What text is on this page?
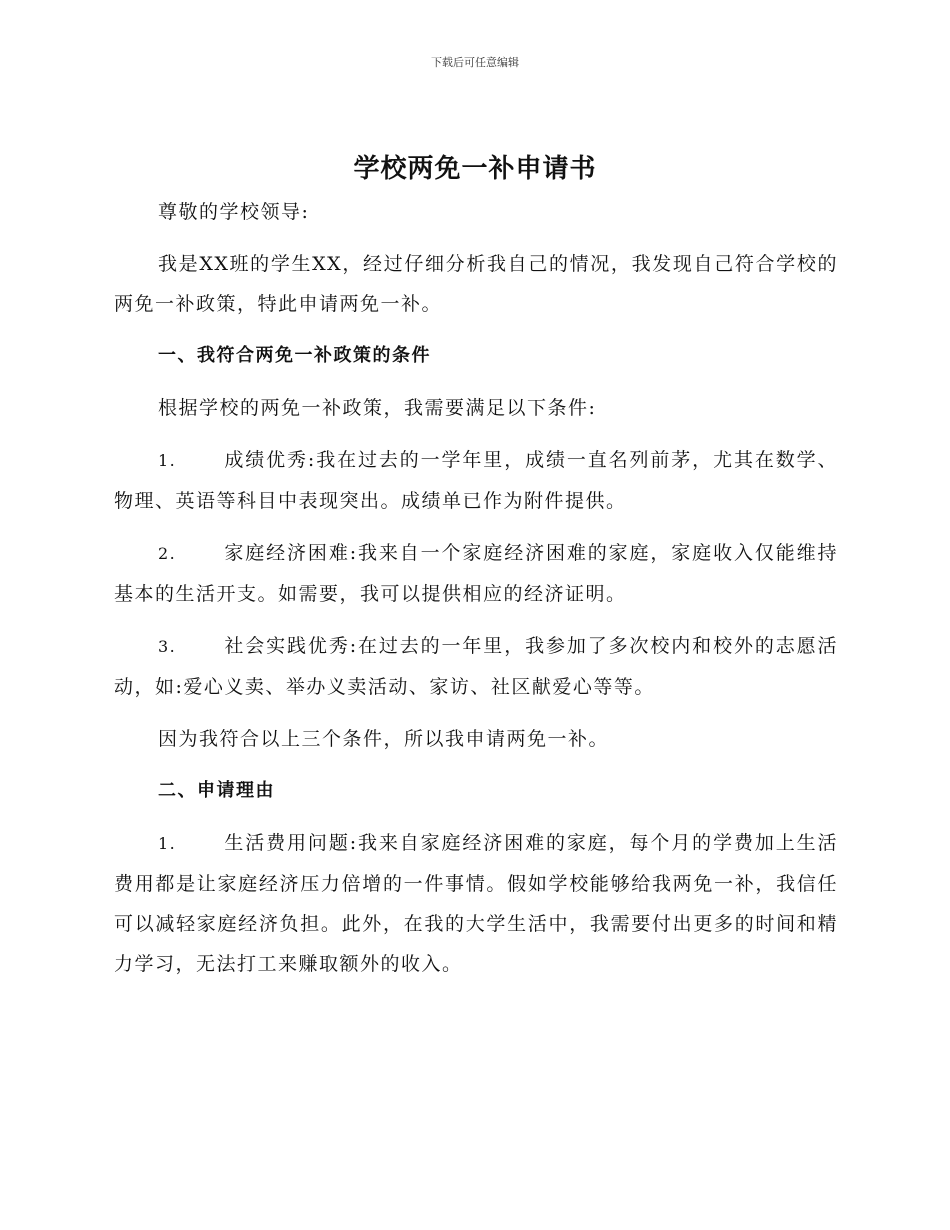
下载后可任意编辑
学校两免一补申请书

尊敬的学校领导:

我是XX班的学生XX，经过仔细分析我自己的情况，我发现自己符合学校的两免一补政策，特此申请两免一补。

一、我符合两免一补政策的条件

根据学校的两免一补政策，我需要满足以下条件:

1.	成绩优秀:我在过去的一学年里，成绩一直名列前茅，尤其在数学、物理、英语等科目中表现突出。成绩单已作为附件提供。

2.	家庭经济困难:我来自一个家庭经济困难的家庭，家庭收入仅能维持基本的生活开支。如需要，我可以提供相应的经济证明。

3.	社会实践优秀:在过去的一年里，我参加了多次校内和校外的志愿活动，如:爱心义卖、举办义卖活动、家访、社区献爱心等等。

因为我符合以上三个条件，所以我申请两免一补。

二、申请理由

1.	生活费用问题:我来自家庭经济困难的家庭，每个月的学费加上生活费用都是让家庭经济压力倍增的一件事情。假如学校能够给我两免一补，我信任可以减轻家庭经济负担。此外，在我的大学生活中，我需要付出更多的时间和精力学习，无法打工来赚取额外的收入。
